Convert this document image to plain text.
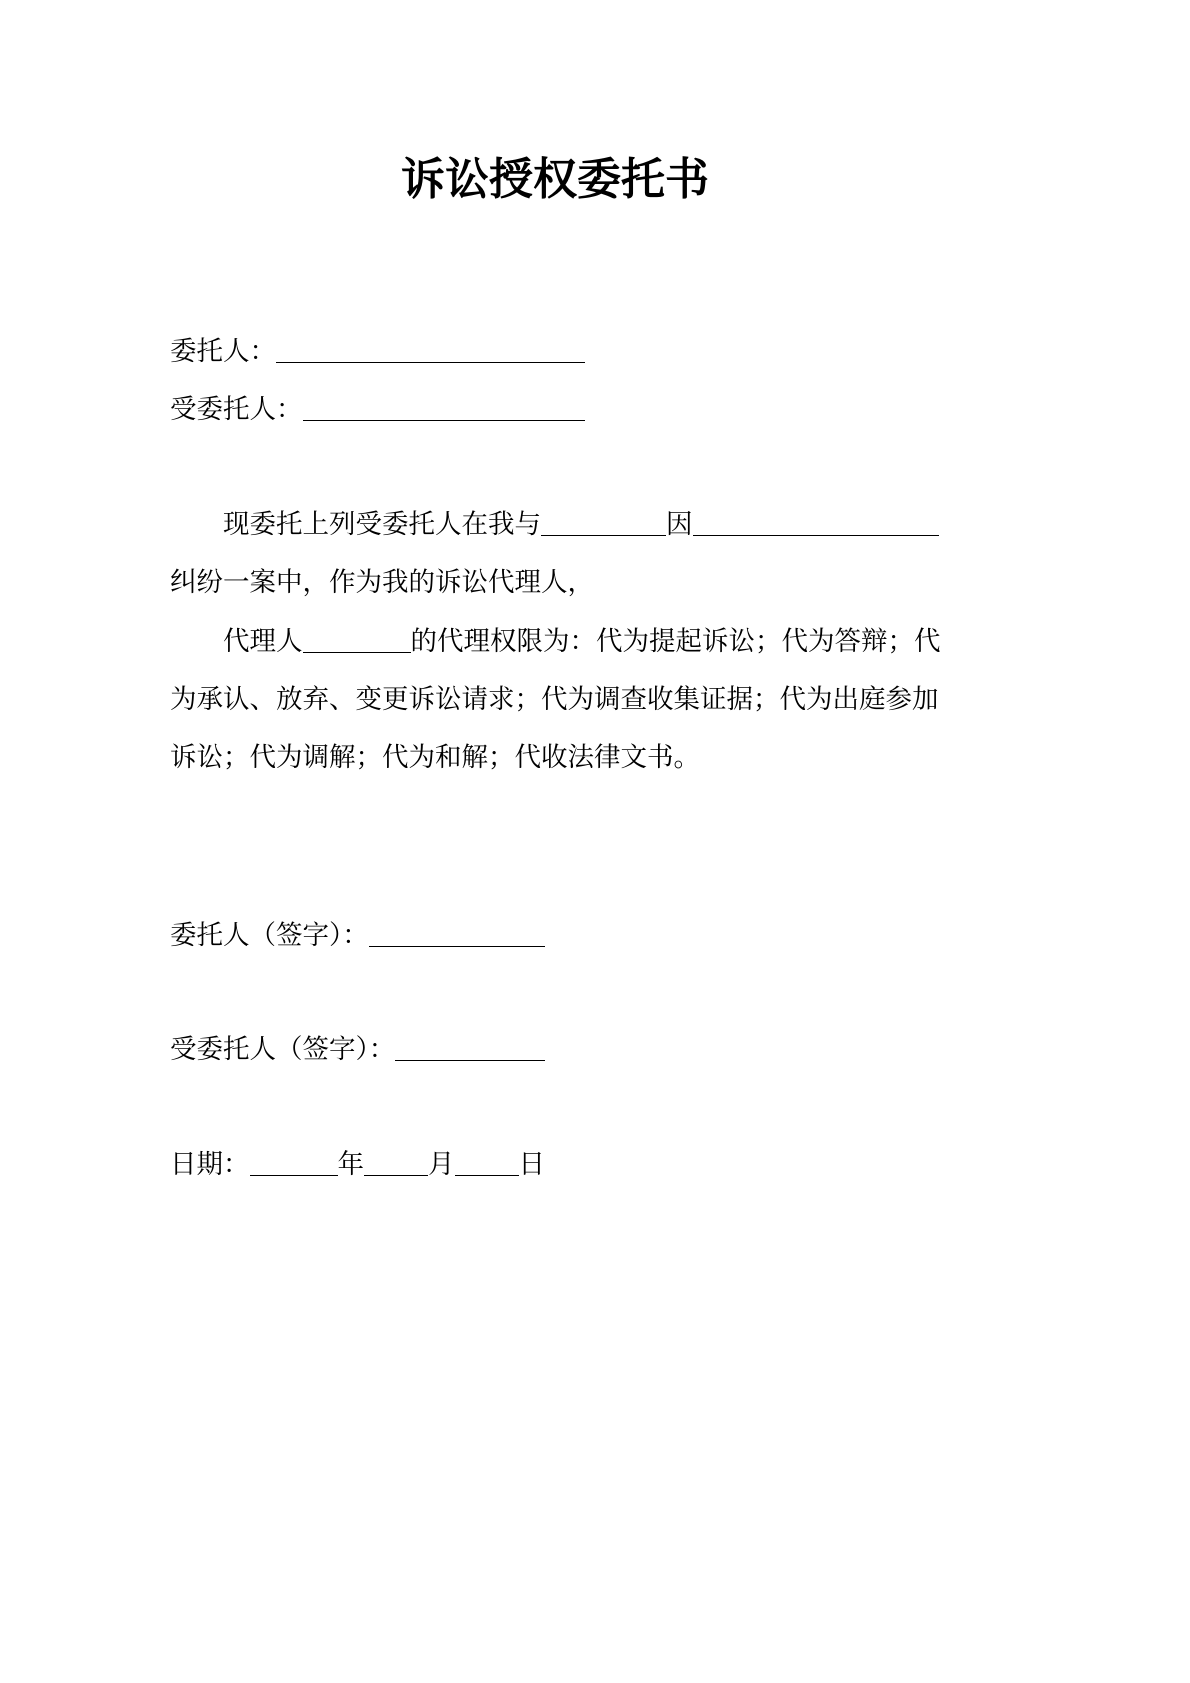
诉讼授权委托书
委托人：
受委托人：
现委托上列受委托人在我与	因
纠纷一案中，作为我的诉讼代理人，
代理人	的代理权限为：代为提起诉讼；代为答辩；代
为承认、放弃、变更诉讼请求；代为调查收集证据；代为出庭参加
诉讼；代为调解；代为和解；代收法律文书。
委托人（签字）：
受委托人（签字）：
日期：	年 月 日
